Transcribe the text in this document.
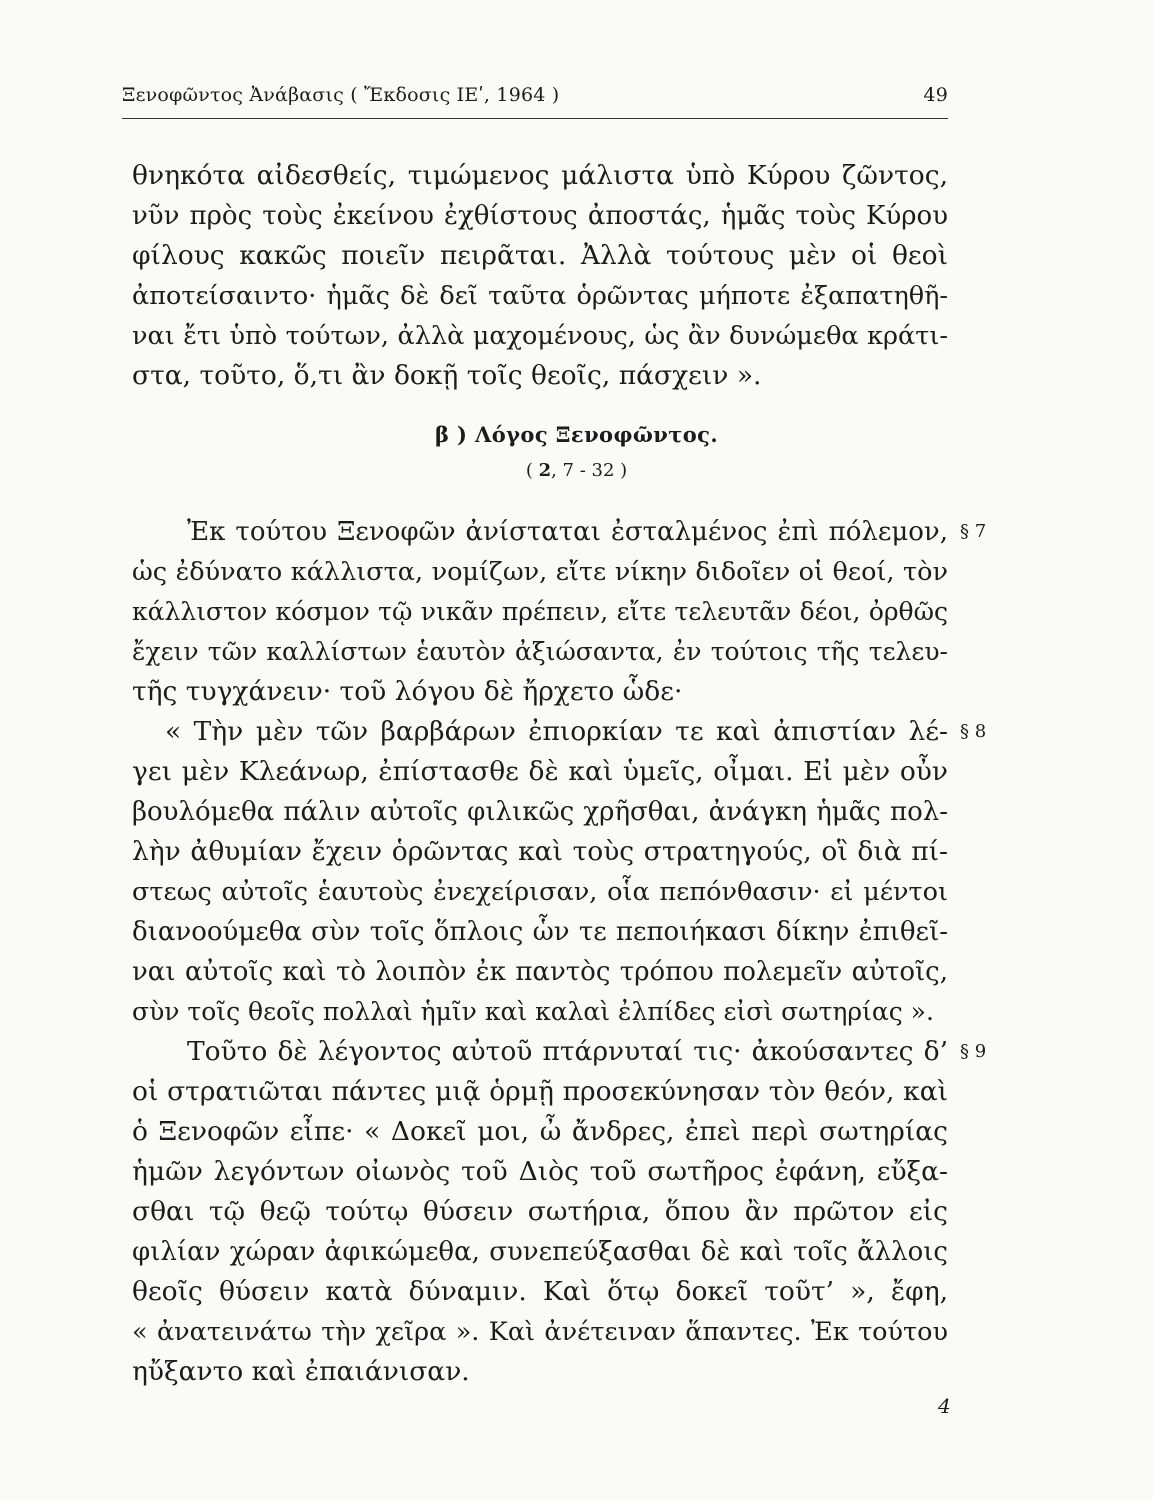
Ξενοφῶντος Ἀνάβασις ( Ἔκδοσις ΙΕʹ, 1964 )	49
θνηκότα αἰδεσθείς, τιμώμενος μάλιστα ὑπὸ Κύρου ζῶντος,
νῦν πρὸς τοὺς ἐκείνου ἐχθίστους ἀποστάς, ἡμᾶς τοὺς Κύρου
φίλους κακῶς ποιεῖν πειρᾶται. Ἀλλὰ τούτους μὲν οἱ θεοὶ
ἀποτείσαιντο· ἡμᾶς δὲ δεῖ ταῦτα ὁρῶντας μήποτε ἐξαπατηθῆ-
ναι ἔτι ὑπὸ τούτων, ἀλλὰ μαχομένους, ὡς ἂν δυνώμεθα κράτι-
στα, τοῦτο, ὅ,τι ἂν δοκῇ τοῖς θεοῖς, πάσχειν ».
β ) Λόγος Ξενοφῶντος.
( 2, 7 - 32 )
§ 7
Ἐκ τούτου Ξενοφῶν ἀνίσταται ἐσταλμένος ἐπὶ πόλεμον,
ὡς ἐδύνατο κάλλιστα, νομίζων, εἴτε νίκην διδοῖεν οἱ θεοί, τὸν
κάλλιστον κόσμον τῷ νικᾶν πρέπειν, εἴτε τελευτᾶν δέοι, ὀρθῶς
ἔχειν τῶν καλλίστων ἑαυτὸν ἀξιώσαντα, ἐν τούτοις τῆς τελευ-
τῆς τυγχάνειν· τοῦ λόγου δὲ ἤρχετο ὧδε·
§ 8
« Τὴν μὲν τῶν βαρβάρων ἐπιορκίαν τε καὶ ἀπιστίαν λέ-
γει μὲν Κλεάνωρ, ἐπίστασθε δὲ καὶ ὑμεῖς, οἶμαι. Εἰ μὲν οὖν
βουλόμεθα πάλιν αὐτοῖς φιλικῶς χρῆσθαι, ἀνάγκη ἡμᾶς πολ-
λὴν ἀθυμίαν ἔχειν ὁρῶντας καὶ τοὺς στρατηγούς, οἳ διὰ πί-
στεως αὐτοῖς ἑαυτοὺς ἐνεχείρισαν, οἷα πεπόνθασιν· εἰ μέντοι
διανοούμεθα σὺν τοῖς ὅπλοις ὧν τε πεποιήκασι δίκην ἐπιθεῖ-
ναι αὐτοῖς καὶ τὸ λοιπὸν ἐκ παντὸς τρόπου πολεμεῖν αὐτοῖς,
σὺν τοῖς θεοῖς πολλαὶ ἡμῖν καὶ καλαὶ ἐλπίδες εἰσὶ σωτηρίας ».
§ 9
Τοῦτο δὲ λέγοντος αὐτοῦ πτάρνυταί τις· ἀκούσαντες δ’
οἱ στρατιῶται πάντες μιᾷ ὁρμῇ προσεκύνησαν τὸν θεόν, καὶ
ὁ Ξενοφῶν εἶπε· « Δοκεῖ μοι, ὦ ἄνδρες, ἐπεὶ περὶ σωτηρίας
ἡμῶν λεγόντων οἰωνὸς τοῦ Διὸς τοῦ σωτῆρος ἐφάνη, εὔξα-
σθαι τῷ θεῷ τούτῳ θύσειν σωτήρια, ὅπου ἂν πρῶτον εἰς
φιλίαν χώραν ἀφικώμεθα, συνεπεύξασθαι δὲ καὶ τοῖς ἄλλοις
θεοῖς θύσειν κατὰ δύναμιν. Καὶ ὅτῳ δοκεῖ τοῦτ’ », ἔφη,
« ἀνατεινάτω τὴν χεῖρα ». Καὶ ἀνέτειναν ἅπαντες. Ἐκ τούτου
ηὔξαντο καὶ ἐπαιάνισαν.
4
